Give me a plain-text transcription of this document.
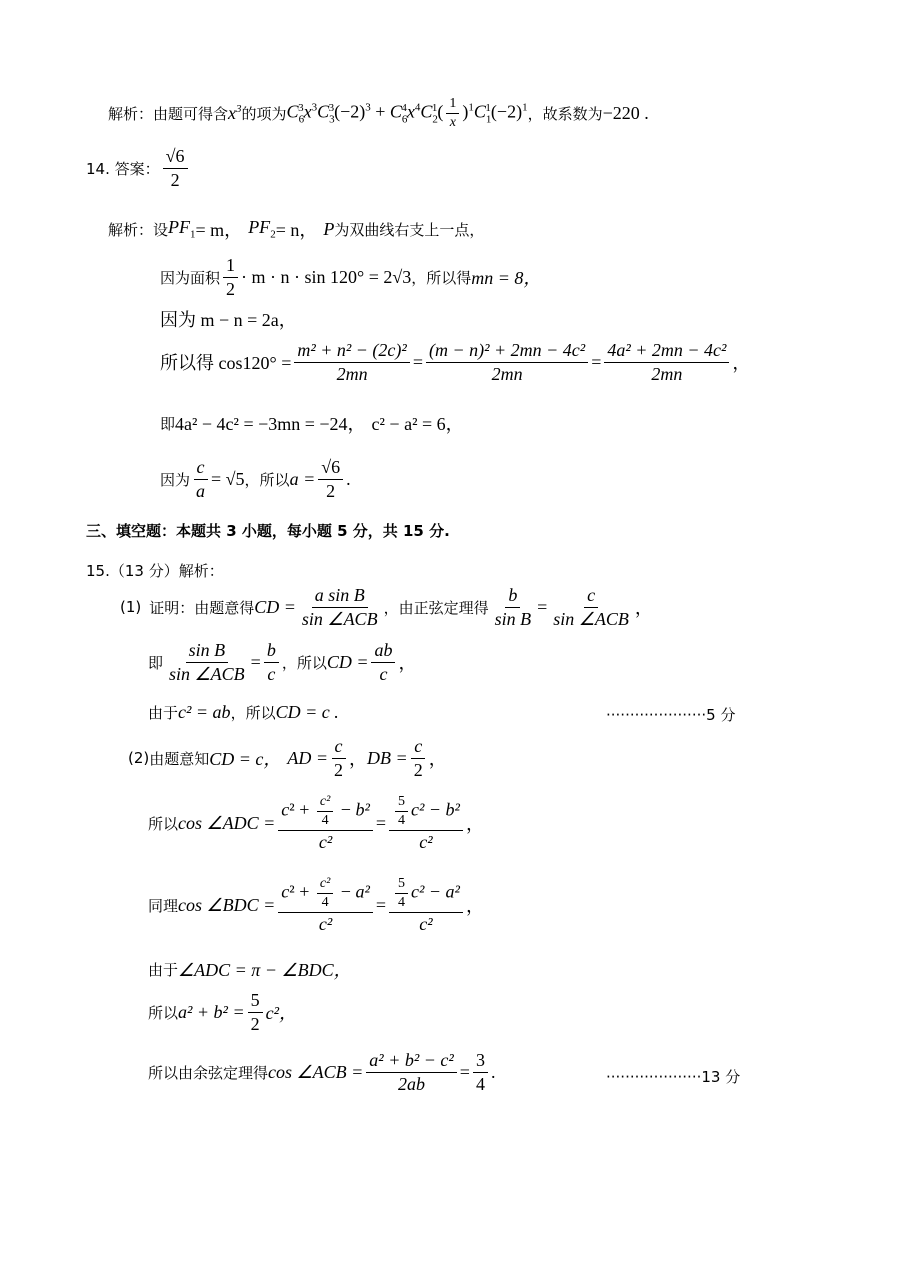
解析： 由题可得含 $x^3$ 的项为 $C_6^3x^3C_3^3(-2)^3 + C_6^4x^4C_2^1( \frac{1}{x} )^1C_1^1(-2)^1$ ，故系数为 −220 .
14. 答案： $\frac{√6}{2}$
解析： 设 $PF_1 = m$， $PF_2 = n$， P 为双曲线右支上一点，
因为面积 $\frac{1}{2} \cdot m \cdot n \cdot \sin 120^\circ = 2√3$ ，所以得 mn = 8，
因为 m − n = 2a，
所以得 $\cos 120^\circ = \frac{\text{m² + n² − (2c)²}}{2mn} = \frac{\text{(m − n)² + 2mn − 4c²}}{2mn} = \frac{\text{4a² + 2mn − 4c²}}{2mn}$ ，
即 4a² − 4c² = −3mn = −24， c² − a² = 6，
因为 $\frac{c}{a} = √5$ ，所以 $a = \frac{√6}{2}$ .
三、填空题：本题共 3 小题，每小题 5 分，共 15 分.
15.（13 分）解析：
(1) 证明：由题意得 CD = $\frac{\text{a sin B}}{\text{sin ∠ACB}}$ ，由正弦定理得 $\frac{b}{\text{sin B}} = \frac{c}{\text{sin ∠ACB}}$ ，
即 $\frac{\text{sin B}}{\text{sin ∠ACB}} = \frac{b}{c}$ ，所以 CD = $\frac{ab}{c}$ ，
由于 c² = ab ，所以 CD = c .	·····················5 分
(2) 由题意知 CD = c， AD = $\frac{c}{2}$ ， DB = $\frac{c}{2}$ ，
所以 cos ∠ADC = $\frac{c^2 + \frac{\text{c²}}{4} - b^2}{\text{c²}} = \frac{\frac{5}{4} c^2 - b^2}{\text{c²}}$ ，
同理 cos ∠BDC = $\frac{c^2 + \frac{\text{c²}}{4} - a^2}{\text{c²}} = \frac{\frac{5}{4} c^2 - a^2}{\text{c²}}$ ，
由于 ∠ADC = π − ∠BDC，
所以 $a^2 + b^2 = \frac{5}{2} c^2$，
所以由余弦定理得 cos ∠ACB = $\frac{\text{a² + b² − c²}}{2ab} = \frac{3}{4}$ .	····················13 分
